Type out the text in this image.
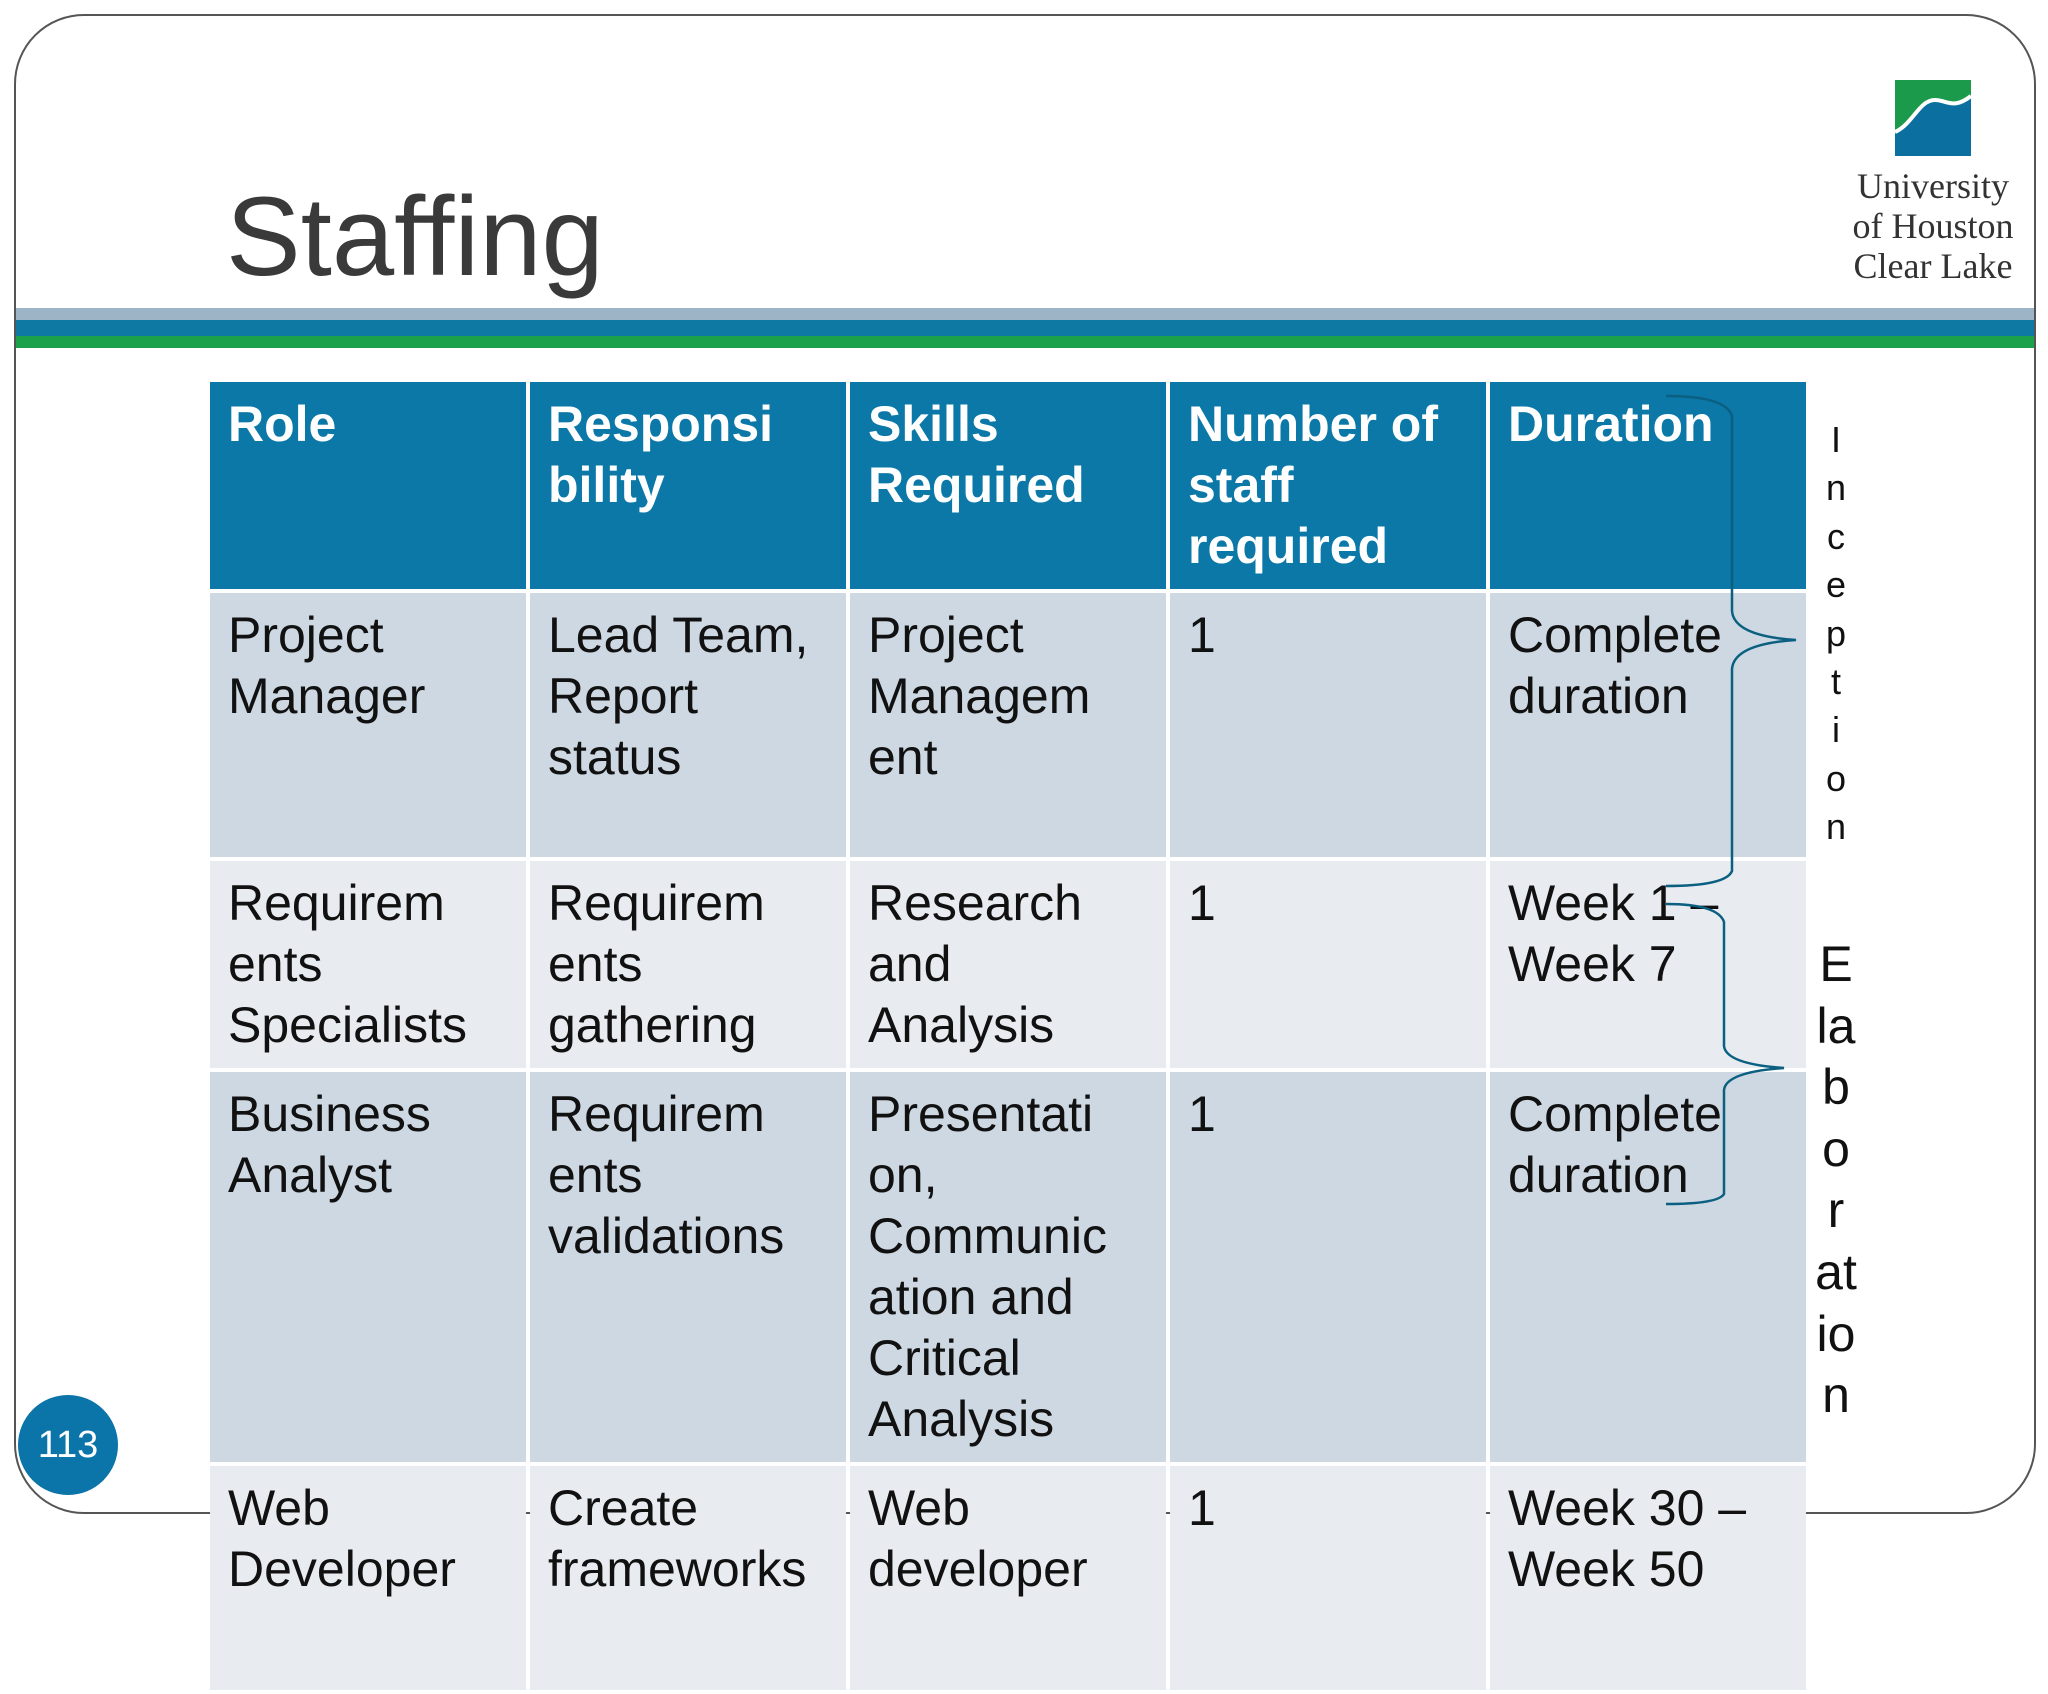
Staffing	University
of Houston
Clear Lake
Role	Responsi bility	Skills Required	Number of staff required	Duration
Project Manager	Lead Team, Report status	Project Managem ent	1	Complete duration
Requirem ents Specialists	Requirem ents gathering	Research and Analysis	1	Week 1 – Week 7
Business Analyst	Requirem ents validations	Presentati on, Communic ation and Critical Analysis	1	Complete duration
Web Developer	Create frameworks	Web developer	1	Week 30 – Week 50
I
n
c
e
p
t
i
o
n
E
la
b
o
r
at
io
n
113
